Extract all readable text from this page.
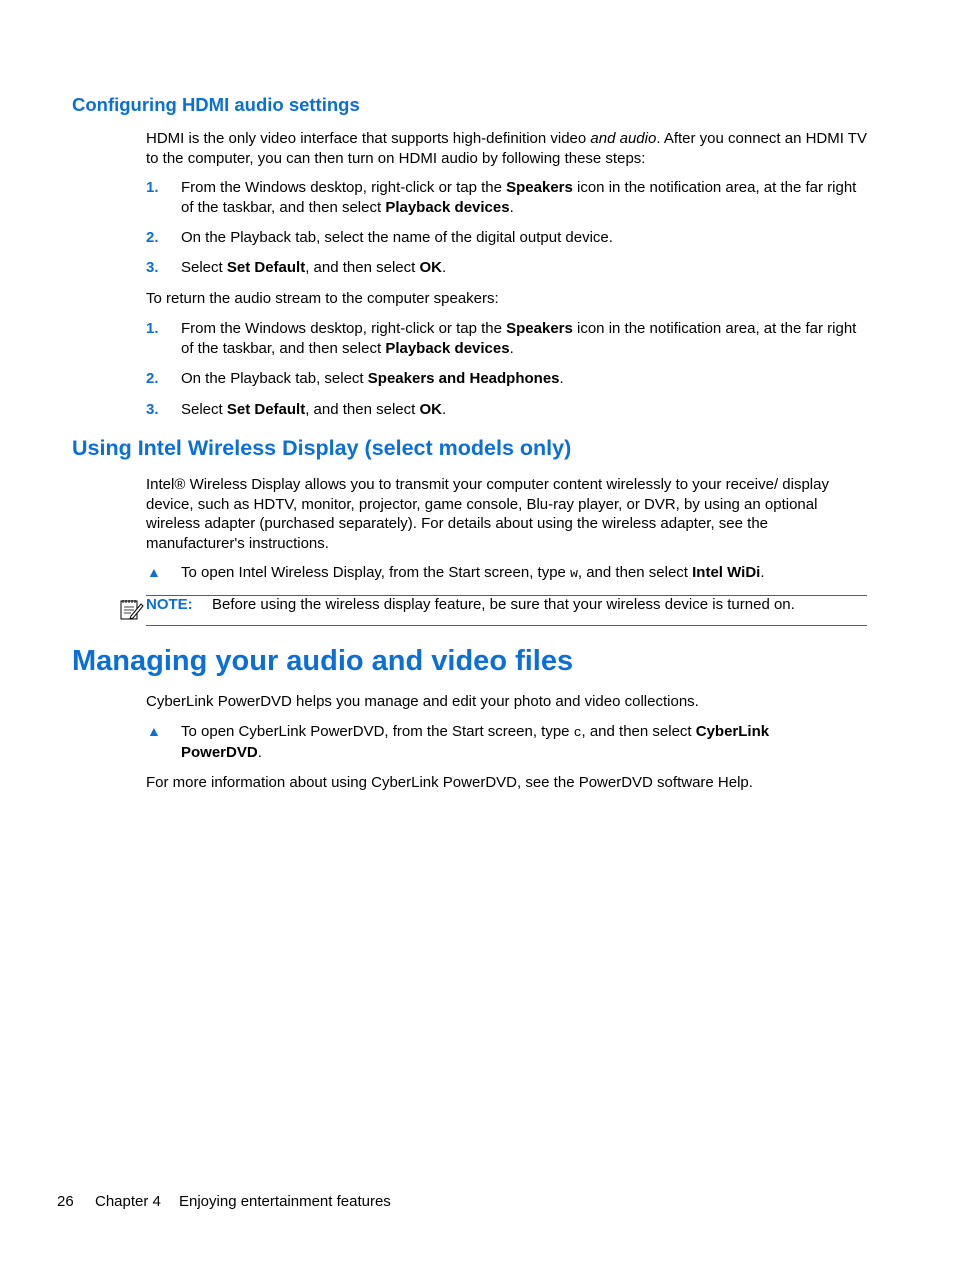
Configuring HDMI audio settings
HDMI is the only video interface that supports high-definition video and audio. After you connect an HDMI TV to the computer, you can then turn on HDMI audio by following these steps:
1. From the Windows desktop, right-click or tap the Speakers icon in the notification area, at the far right of the taskbar, and then select Playback devices.
2. On the Playback tab, select the name of the digital output device.
3. Select Set Default, and then select OK.
To return the audio stream to the computer speakers:
1. From the Windows desktop, right-click or tap the Speakers icon in the notification area, at the far right of the taskbar, and then select Playback devices.
2. On the Playback tab, select Speakers and Headphones.
3. Select Set Default, and then select OK.
Using Intel Wireless Display (select models only)
Intel® Wireless Display allows you to transmit your computer content wirelessly to your receive/ display device, such as HDTV, monitor, projector, game console, Blu-ray player, or DVR, by using an optional wireless adapter (purchased separately). For details about using the wireless adapter, see the manufacturer's instructions.
▲ To open Intel Wireless Display, from the Start screen, type w, and then select Intel WiDi.
NOTE: Before using the wireless display feature, be sure that your wireless device is turned on.
Managing your audio and video files
CyberLink PowerDVD helps you manage and edit your photo and video collections.
▲ To open CyberLink PowerDVD, from the Start screen, type c, and then select CyberLink PowerDVD.
For more information about using CyberLink PowerDVD, see the PowerDVD software Help.
26 Chapter 4 Enjoying entertainment features
